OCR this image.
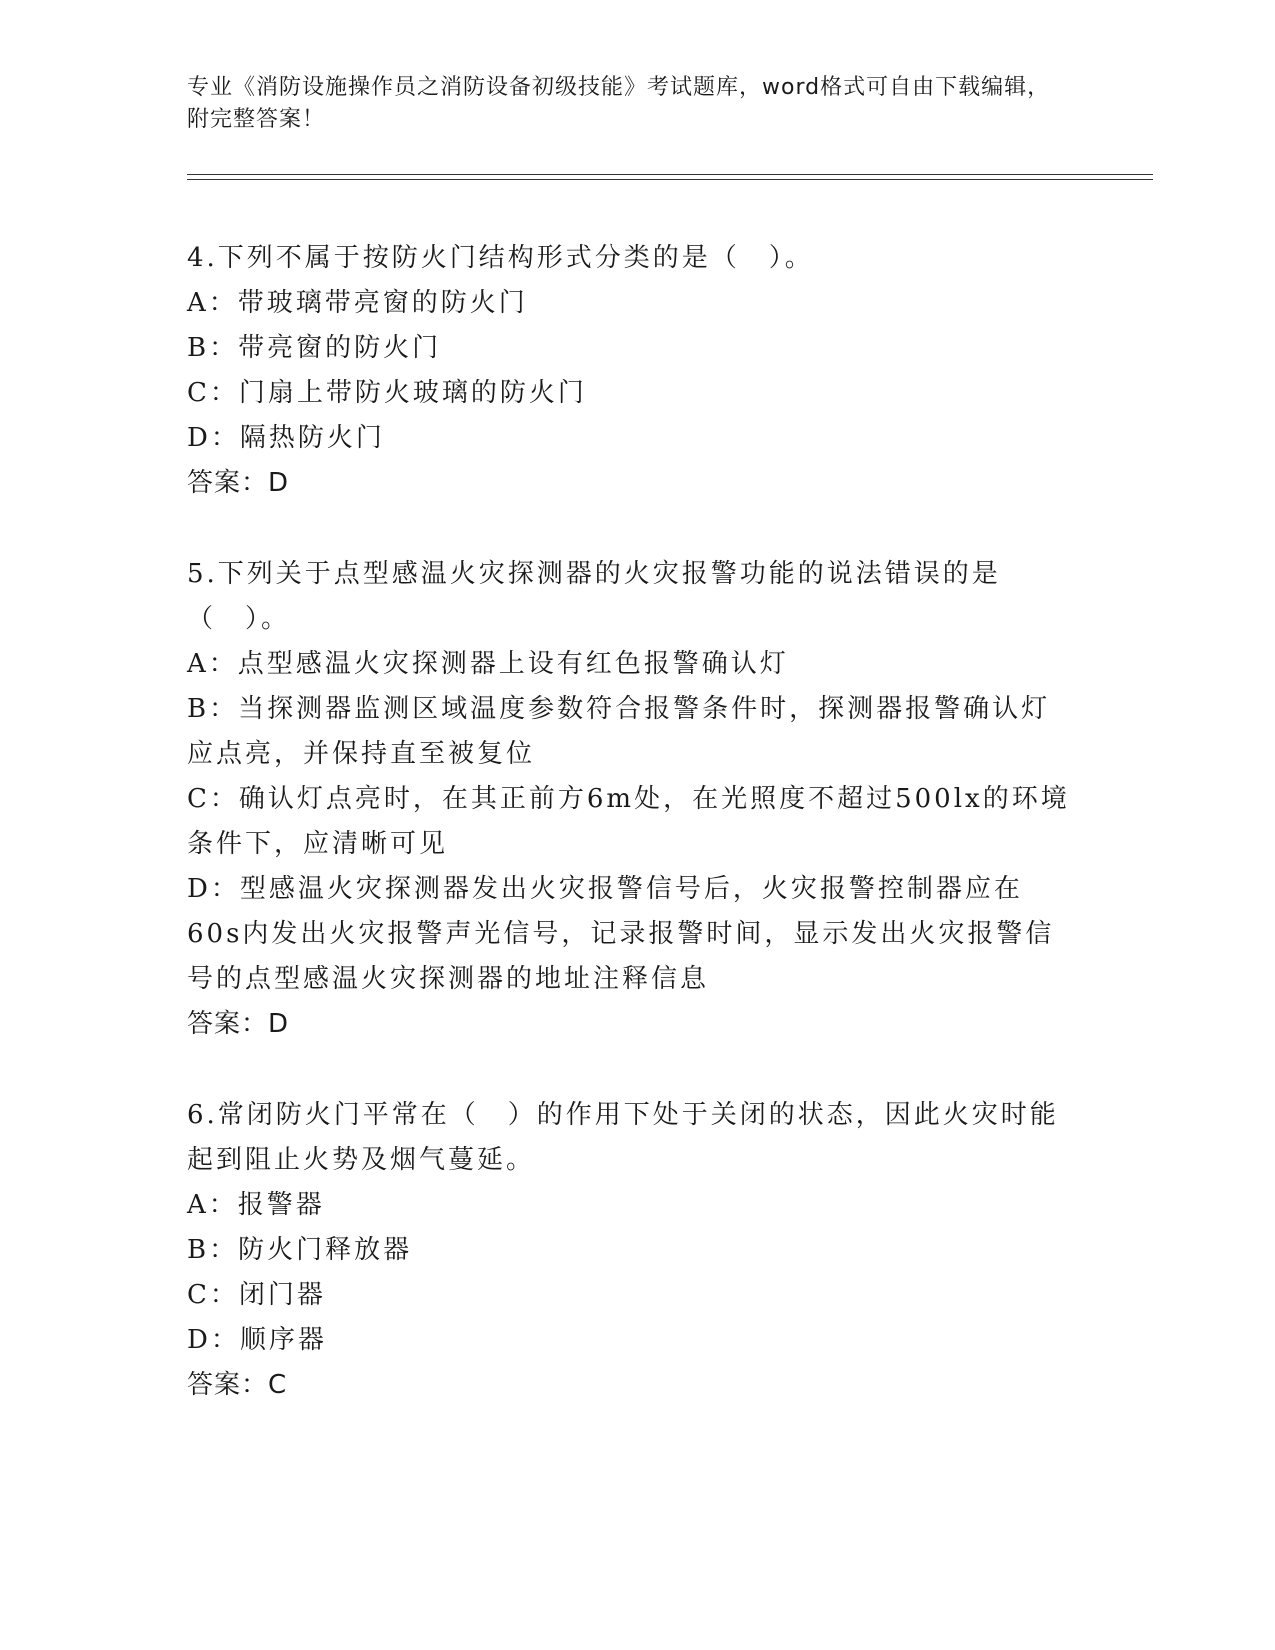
专业《消防设施操作员之消防设备初级技能》考试题库，word格式可自由下载编辑，附完整答案！
4.下列不属于按防火门结构形式分类的是（　）。
A：带玻璃带亮窗的防火门
B：带亮窗的防火门
C：门扇上带防火玻璃的防火门
D：隔热防火门
答案：D
5.下列关于点型感温火灾探测器的火灾报警功能的说法错误的是（　）。
A：点型感温火灾探测器上设有红色报警确认灯
B：当探测器监测区域温度参数符合报警条件时，探测器报警确认灯应点亮，并保持直至被复位
C：确认灯点亮时，在其正前方6m处，在光照度不超过500lx的环境条件下，应清晰可见
D：型感温火灾探测器发出火灾报警信号后，火灾报警控制器应在60s内发出火灾报警声光信号，记录报警时间，显示发出火灾报警信号的点型感温火灾探测器的地址注释信息
答案：D
6.常闭防火门平常在（　）的作用下处于关闭的状态，因此火灾时能起到阻止火势及烟气蔓延。
A：报警器
B：防火门释放器
C：闭门器
D：顺序器
答案：C
